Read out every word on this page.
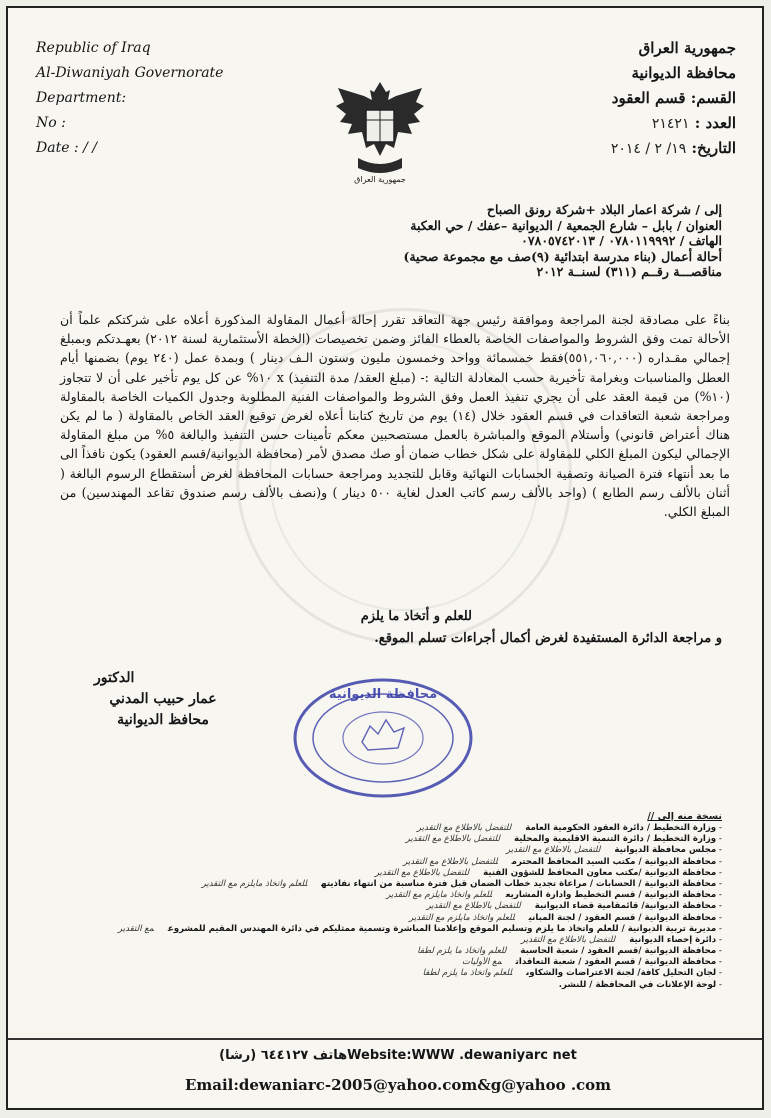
Republic of Iraq
Al-Diwaniyah Governorate
Department:
No :
Date : / /
جمهورية العراق
جمهورية العراق
محافظة الديوانية
القسم: قسم العقود
العدد : ٢١٤٢١
التاريخ: ١٩/ ٢ / ٢٠١٤
إلى / شركة اعمار البلاد +شركة رونق الصباح
العنوان / بابل – شارع الجمعية / الديوانية –عفك / حي العكبة
الهاتف / ٠٧٨٠١١٩٩٩٢ / ٠٧٨٠٥٧٤٢٠١٣
أحالة أعمال (بناء مدرسة ابتدائية (٩)صف مع مجموعة صحية)
مناقصـــة رقــم (٣١١) لسنــة ٢٠١٢
بناءً على مصادقة لجنة المراجعة وموافقة رئيس جهة التعاقد تقرر إحالة أعمال المقاولة المذكورة أعلاه على شركتكم علماً أن الأحالة تمت وفق الشروط والمواصفات الخاصة بالعطاء الفائز وضمن تخصيصات (الخطة الأستثمارية لسنة ٢٠١٢) بعهـدتكم وبمبلغ إجمالي مقـداره (٥٥١,٠٦٠,٠٠٠)فقط خمسمائة وواحد وخمسون مليون وستون الـف دينار ) وبمدة عمل (٢٤٠ يوم) بضمنها أيام العطل والمناسبات وبغرامة تأخيرية حسب المعادلة التالية :- (مبلغ العقد/ مدة التنفيذ) x ١٠% عن كل يوم تأخير على أن لا تتجاوز (١٠%) من قيمة العقد على أن يجري تنفيذ العمل وفق الشروط والمواصفات الفنية المطلوبة وجدول الكميات الخاصة بالمقاولة ومراجعة شعبة التعاقدات في قسم العقود خلال (١٤) يوم من تاريخ كتابنا أعلاه لغرض توقيع العقد الخاص بالمقاولة ( ما لم يكن هناك أعتراض قانوني) وأستلام الموقع والمباشرة بالعمل مستصحبين معكم تأمينات حسن التنفيذ والبالغة ٥% من مبلغ المقاولة الإجمالي ليكون المبلغ الكلي للمقاولة على شكل خطاب ضمان أو صك مصدق لأمر (محافظة الديوانية/قسم العقود) يكون نافذاً الى ما بعد أنتهاء فترة الصيانة وتصفية الحسابات النهائية وقابل للتجديد ومراجعة حسابات المحافظة لغرض أستقطاع الرسوم البالغة ( أثنان بالألف رسم الطابع ) (واحد بالألف رسم كاتب العدل لغاية ٥٠٠ دينار ) و(نصف بالألف رسم صندوق تقاعد المهندسين) من المبلغ الكلي.
للعلم و أتخاذ ما يلزم
و مراجعة الدائرة المستفيدة لغرض أكمال أجراءات تسلم الموقع.
الدكتور
عمار حبيب المدني
محافظ الديوانية
محافظة الديوانية
نسخة منه إلى //
- وزارة التخطيط / دائرة العقود الحكومية العامةللتفضل بالاطلاع مع التقدير
- وزارة التخطيط / دائرة التنمية الاقليمية والمحليةللتفضل بالاطلاع مع التقدير
- مجلس محافظة الديوانيةللتفضل بالاطلاع مع التقدير
- محافظة الديوانية / مكتب السيد المحافظ المحترمللتفضل بالاطلاع مع التقدير
- محافظة الديوانية /مكتب معاون المحافظ للشؤون الفنيةللتفضل بالاطلاع مع التقدير
- محافظة الديوانية / الحسابات / مراعاة تجديد خطاب الضمان قبل فترة مناسبة من انتهاء نفاذيتهللعلم واتخاذ مايلزم مع التقدير
- محافظة الديوانية / قسم التخطيط وادارة المشاريعللعلم واتخاذ مايلزم مع التقدير
- محافظة الديوانية/ قائمقامية قضاء الديوانيةللتفضل بالاطلاع مع التقدير
- محافظة الديوانية / قسم العقود / لجنة المبانيللعلم واتخاذ مايلزم مع التقدير
- مديرية تربية الديوانية / للعلم واتخاذ ما يلزم وتسليم الموقع وإعلامنا المباشرة وتسمية ممثليكم في دائرة المهندس المقيم للمشروعمع التقدير
- دائرة إحصاء الديوانيةللتفضل بالاطلاع مع التقدير
- محافظة الديوانية /قسم العقود / شعبة الحاسبةللعلم واتخاذ ما يلزم لطفاً
- محافظة الديوانية / قسم العقود / شعبة التعاقداتمع الأوليات
- لجان التحليل كافة/ لجنة الاعتراضات والشكاوىللعلم واتخاذ ما يلزم لطفاً
- لوحة الإعلانات في المحافظة / للنشر.
هاتف ٦٤٤١٢٧ (رشا)Website:WWW .dewaniyarc net
Email:dewaniarc-2005@yahoo.com&g@yahoo .com
